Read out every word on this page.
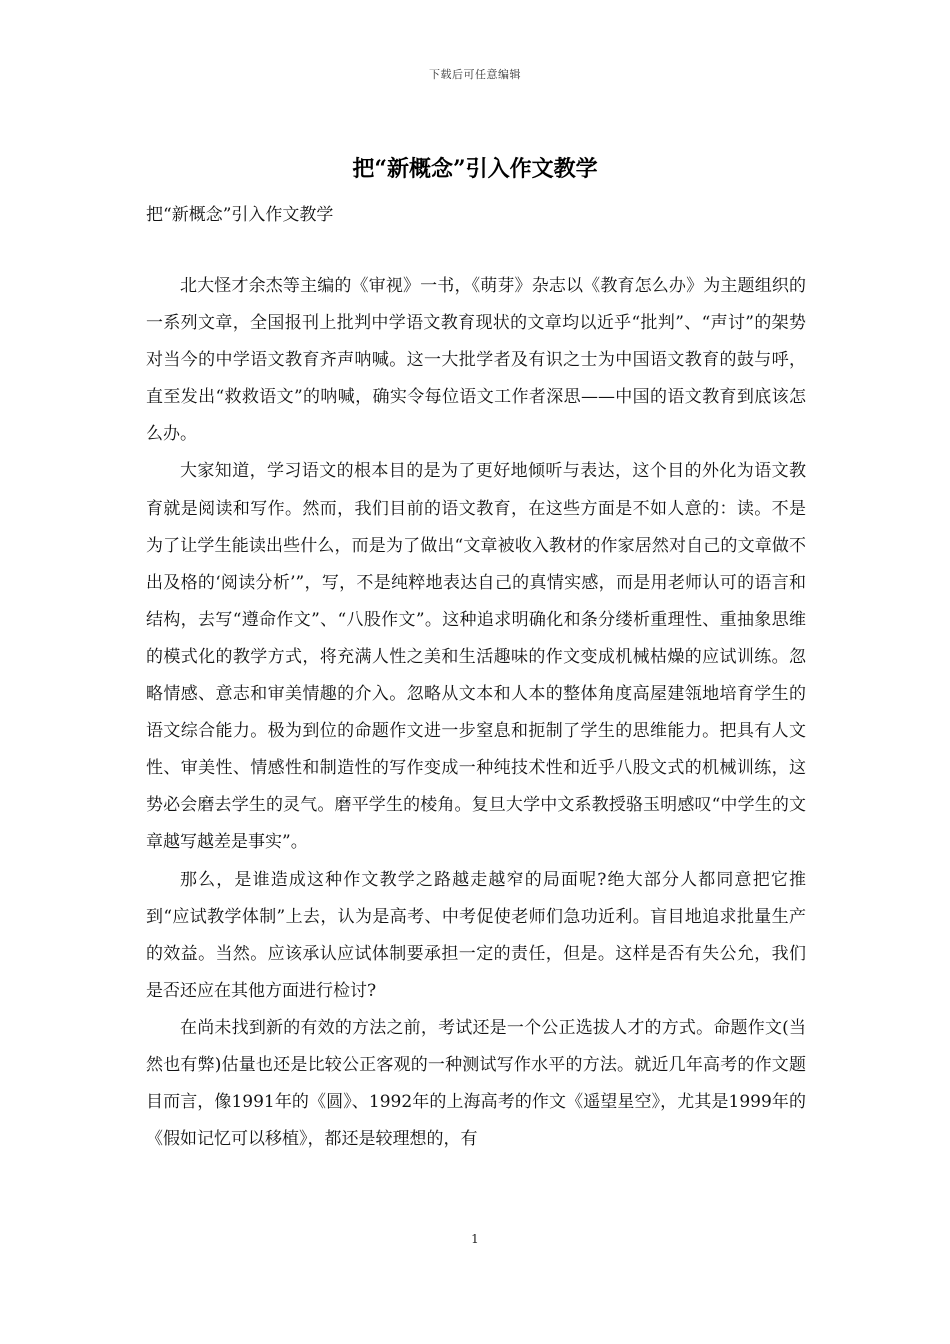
下载后可任意编辑
把“新概念”引入作文教学

把“新概念”引入作文教学

北大怪才余杰等主编的《审视》一书，《萌芽》杂志以《教育怎么办》为主题组织的一系列文章，全国报刊上批判中学语文教育现状的文章均以近乎“批判”、“声讨”的架势对当今的中学语文教育齐声呐喊。这一大批学者及有识之士为中国语文教育的鼓与呼，直至发出“救救语文”的呐喊，确实令每位语文工作者深思——中国的语文教育到底该怎么办。

大家知道，学习语文的根本目的是为了更好地倾听与表达，这个目的外化为语文教育就是阅读和写作。然而，我们目前的语文教育，在这些方面是不如人意的：读。不是为了让学生能读出些什么，而是为了做出“文章被收入教材的作家居然对自己的文章做不出及格的‘阅读分析’”，写，不是纯粹地表达自己的真情实感，而是用老师认可的语言和结构，去写“遵命作文”、“八股作文”。这种追求明确化和条分缕析重理性、重抽象思维的模式化的教学方式，将充满人性之美和生活趣味的作文变成机械枯燥的应试训练。忽略情感、意志和审美情趣的介入。忽略从文本和人本的整体角度高屋建瓴地培育学生的语文综合能力。极为到位的命题作文进一步窒息和扼制了学生的思维能力。把具有人文性、审美性、情感性和制造性的写作变成一种纯技术性和近乎八股文式的机械训练，这势必会磨去学生的灵气。磨平学生的棱角。复旦大学中文系教授骆玉明感叹“中学生的文章越写越差是事实”。

那么，是谁造成这种作文教学之路越走越窄的局面呢?绝大部分人都同意把它推到“应试教学体制”上去，认为是高考、中考促使老师们急功近利。盲目地追求批量生产的效益。当然。应该承认应试体制要承担一定的责任，但是。这样是否有失公允，我们是否还应在其他方面进行检讨?

在尚未找到新的有效的方法之前，考试还是一个公正选拔人才的方式。命题作文(当然也有弊)估量也还是比较公正客观的一种测试写作水平的方法。就近几年高考的作文题目而言，像1991年的《圆》、1992年的上海高考的作文《遥望星空》，尤其是1999年的《假如记忆可以移植》，都还是较理想的，有

1
